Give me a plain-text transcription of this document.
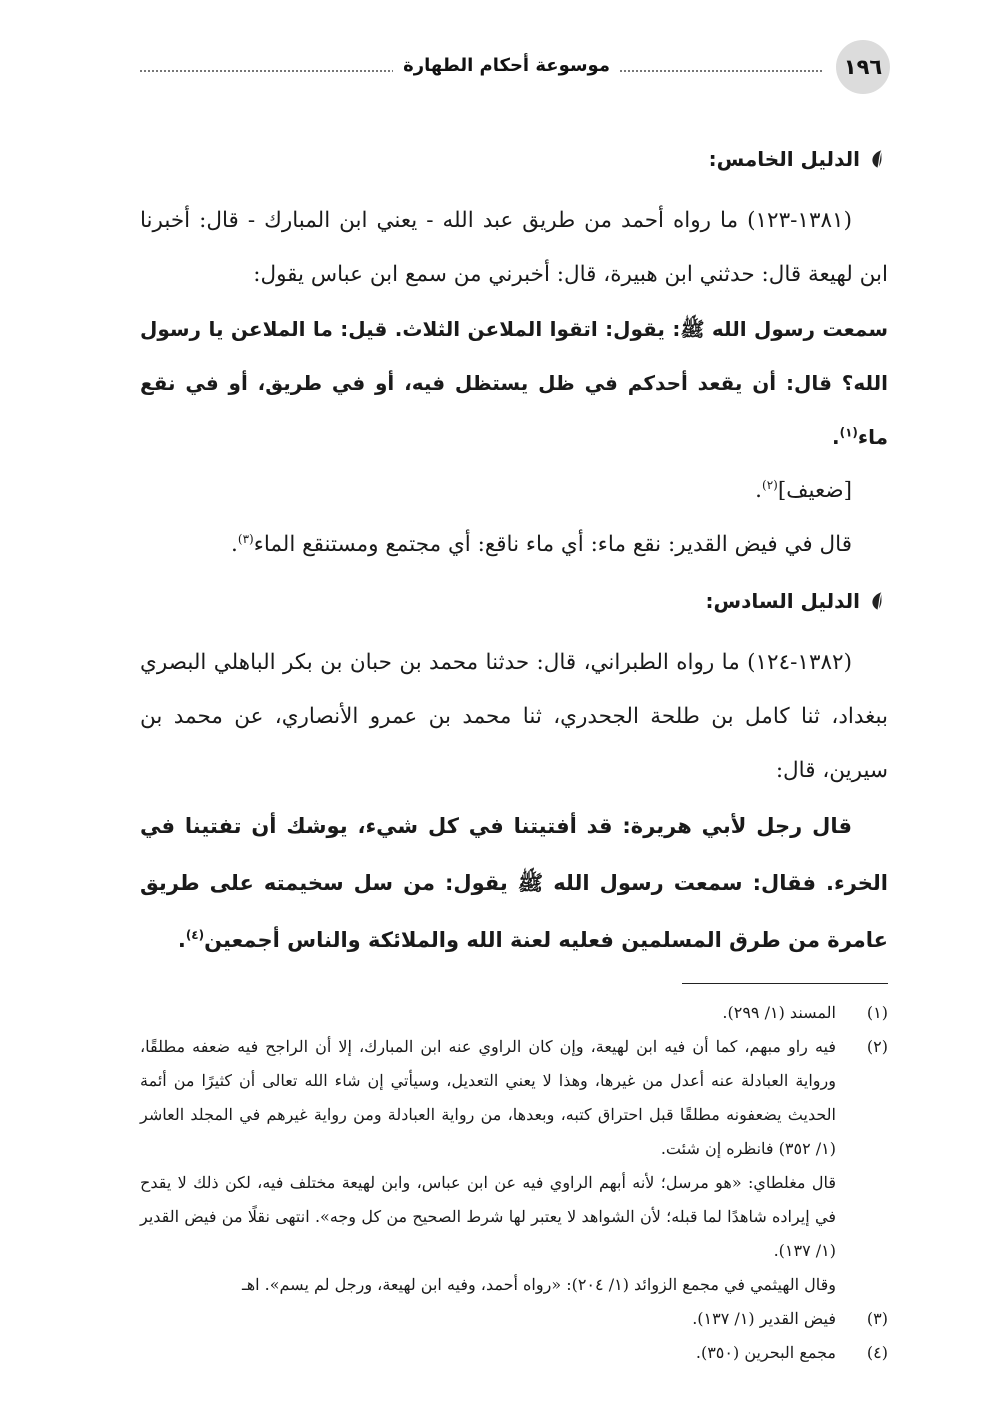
١٩٦
موسوعة أحكام الطهارة

الدليل الخامس:

(١٣٨١-١٢٣) ما رواه أحمد من طريق عبد الله - يعني ابن المبارك - قال: أخبرنا ابن لهيعة قال: حدثني ابن هبيرة، قال: أخبرني من سمع ابن عباس يقول:

سمعت رسول الله ﷺ: يقول: اتقوا الملاعن الثلاث. قيل: ما الملاعن يا رسول الله؟ قال: أن يقعد أحدكم في ظل يستظل فيه، أو في طريق، أو في نقع ماء$^{(١)}$.

[ضعيف]$^{(٢)}$.

قال في فيض القدير: نقع ماء: أي ماء ناقع: أي مجتمع ومستنقع الماء$^{(٣)}$.

الدليل السادس:

(١٣٨٢-١٢٤) ما رواه الطبراني، قال: حدثنا محمد بن حبان بن بكر الباهلي البصري ببغداد، ثنا كامل بن طلحة الجحدري، ثنا محمد بن عمرو الأنصاري، عن محمد بن سيرين، قال:

قال رجل لأبي هريرة: قد أفتيتنا في كل شيء، يوشك أن تفتينا في الخرء. فقال: سمعت رسول الله ﷺ يقول: من سل سخيمته على طريق عامرة من طرق المسلمين فعليه لعنة الله والملائكة والناس أجمعين$^{(٤)}$.

(١)

المسند (١/ ٢٩٩).

(٢)

فيه راو مبهم، كما أن فيه ابن لهيعة، وإن كان الراوي عنه ابن المبارك، إلا أن الراجح فيه ضعفه مطلقًا، ورواية العبادلة عنه أعدل من غيرها، وهذا لا يعني التعديل، وسيأتي إن شاء الله تعالى أن كثيرًا من أئمة الحديث يضعفونه مطلقًا قبل احتراق كتبه، وبعدها، من رواية العبادلة ومن رواية غيرهم في المجلد العاشر (١/ ٣٥٢) فانظره إن شئت.

قال مغلطاي: «هو مرسل؛ لأنه أبهم الراوي فيه عن ابن عباس، وابن لهيعة مختلف فيه، لكن ذلك لا يقدح في إيراده شاهدًا لما قبله؛ لأن الشواهد لا يعتبر لها شرط الصحيح من كل وجه». انتهى نقلًا من فيض القدير (١/ ١٣٧).

وقال الهيثمي في مجمع الزوائد (١/ ٢٠٤): «رواه أحمد، وفيه ابن لهيعة، ورجل لم يسم». اهـ

(٣)

فيض القدير (١/ ١٣٧).

(٤)

مجمع البحرين (٣٥٠).
